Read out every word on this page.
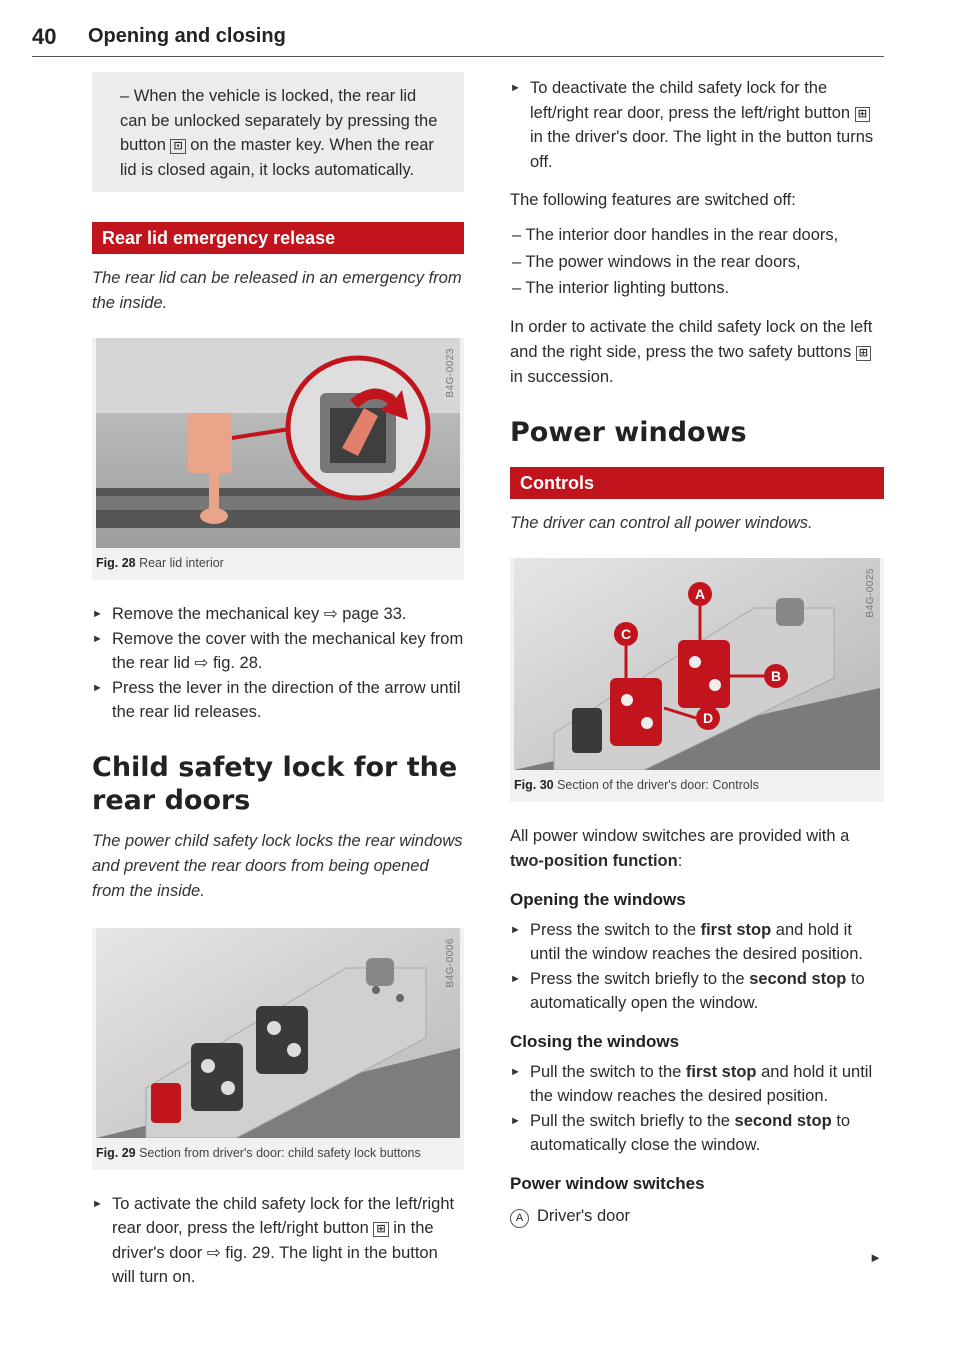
40 Opening and closing
– When the vehicle is locked, the rear lid can be unlocked separately by pressing the button ⊡ on the master key. When the rear lid is closed again, it locks automatically.
Rear lid emergency release
The rear lid can be released in an emergency from the inside.
B4G-0023
Fig. 28 Rear lid interior
► Remove the mechanical key ⇨ page 33.
► Remove the cover with the mechanical key from the rear lid ⇨ fig. 28.
► Press the lever in the direction of the arrow until the rear lid releases.
Child safety lock for the rear doors
The power child safety lock locks the rear windows and prevent the rear doors from being opened from the inside.
B4G-0006
Fig. 29 Section from driver's door: child safety lock buttons
► To activate the child safety lock for the left/right rear door, press the left/right button ⊞ in the driver's door ⇨ fig. 29. The light in the button will turn on.
► To deactivate the child safety lock for the left/right rear door, press the left/right button ⊞ in the driver's door. The light in the button turns off.
The following features are switched off:
– The interior door handles in the rear doors,
– The power windows in the rear doors,
– The interior lighting buttons.
In order to activate the child safety lock on the left and the right side, press the two safety buttons ⊞ in succession.
Power windows
Controls
The driver can control all power windows.
A
C
B
D
B4G-0025
Fig. 30 Section of the driver's door: Controls
All power window switches are provided with a two-position function:
Opening the windows
► Press the switch to the first stop and hold it until the window reaches the desired position.
► Press the switch briefly to the second stop to automatically open the window.
Closing the windows
► Pull the switch to the first stop and hold it until the window reaches the desired position.
► Pull the switch briefly to the second stop to automatically close the window.
Power window switches
A Driver's door
►
